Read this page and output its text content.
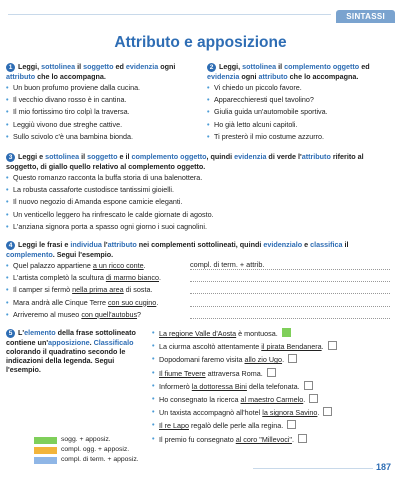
SINTASSI
Attributo e apposizione
1 Leggi, sottolinea il soggetto ed evidenzia ogni attributo che lo accompagna.
• Un buon profumo proviene dalla cucina.
• Il vecchio divano rosso è in cantina.
• Il mio fortissimo tiro colpì la traversa.
• Leggiù vivono due streghe cattive.
• Sullo scivolo c'è una bambina bionda.
2 Leggi, sottolinea il complemento oggetto ed evidenzia ogni attributo che lo accompagna.
• Vi chiedo un piccolo favore.
• Apparecchieresti quel tavolino?
• Giulia guida un'automobile sportiva.
• Ho già letto alcuni capitoli.
• Ti presterò il mio costume azzurro.
3 Leggi e sottolinea il soggetto e il complemento oggetto, quindi evidenzia di verde l'attributo riferito al soggetto, di giallo quello relativo al complemento oggetto.
• Questo romanzo racconta la buffa storia di una balenottera.
• La robusta cassaforte custodisce tantissimi gioielli.
• Il nuovo negozio di Amanda espone camicie eleganti.
• Un venticello leggero ha rinfrescato le calde giornate di agosto.
• L'anziana signora porta a spasso ogni giorno i suoi cagnolini.
4 Leggi le frasi e individua l'attributo nei complementi sottolineati, quindi evidenzialo e classifica il complemento. Segui l'esempio.
• Quel palazzo appartiene a un ricco conte.	compl. di term. + attrib.
• L'artista completò la scultura di marmo bianco.
• Il camper si fermò nella prima area di sosta.
• Mara andrà alle Cinque Terre con suo cugino.
• Arriveremo al museo con quell'autobus?
5 L'elemento della frase sottolineato contiene un'apposizione. Classificalo colorando il quadratino secondo le indicazioni della legenda. Segui l'esempio.
sogg. + apposiz.
compl. ogg. + apposiz.
compl. di term. + apposiz.
• La regione Valle d'Aosta è montuosa.
• La ciurma ascoltò attentamente il pirata Bendanera.
• Dopodomani faremo visita allo zio Ugo.
• Il fiume Tevere attraversa Roma.
• Informerò la dottoressa Bini della telefonata.
• Ho consegnato la ricerca al maestro Carmelo.
• Un taxista accompagnò all'hotel la signora Savino.
• Il re Lapo regalò delle perle alla regina.
• Il premio fu consegnato al coro "Millevoci".
187
